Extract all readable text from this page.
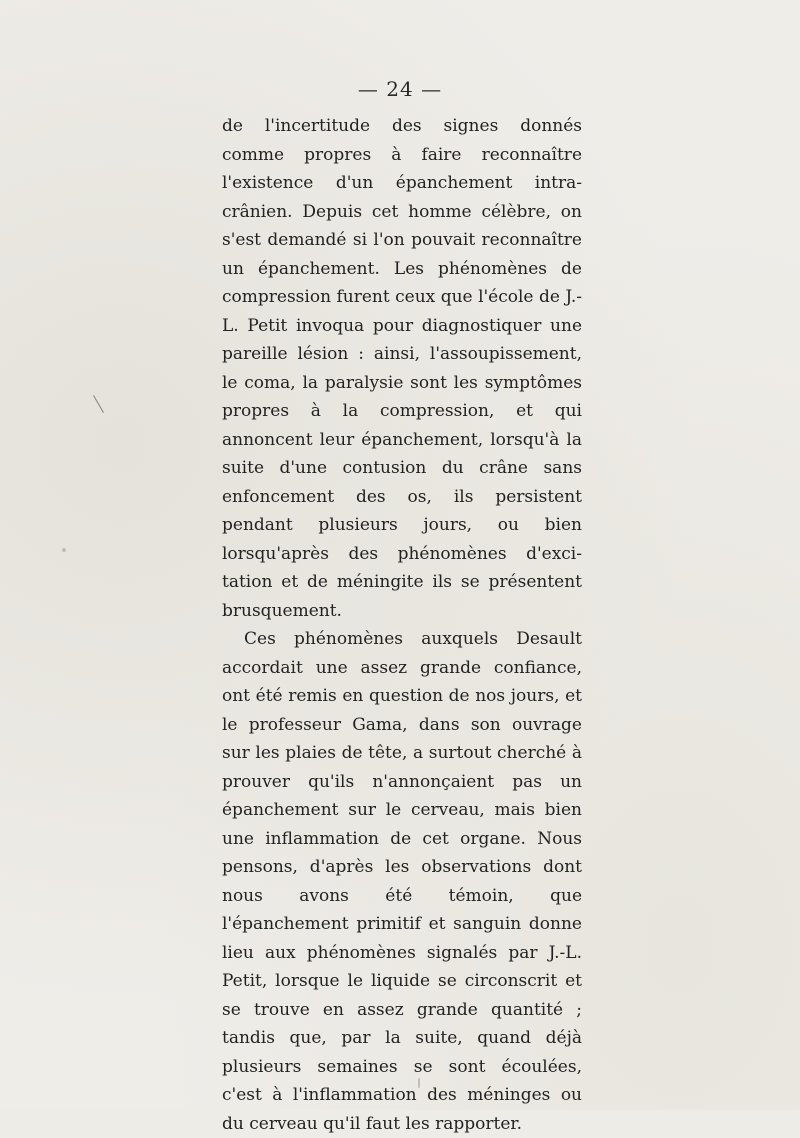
— 24 —

de l'incertitude des signes donnés comme propres à faire reconnaître l'existence d'un épanchement intra-crânien. Depuis cet homme célèbre, on s'est demandé si l'on pouvait reconnaître un épanchement. Les phénomènes de compression furent ceux que l'école de J.-L. Petit invoqua pour diagnostiquer une pareille lésion : ainsi, l'assoupissement, le coma, la paralysie sont les symptômes propres à la compression, et qui annoncent leur épanchement, lorsqu'à la suite d'une contusion du crâne sans enfoncement des os, ils persistent pendant plusieurs jours, ou bien lorsqu'après des phénomènes d'excitation et de méningite ils se présentent brusquement.

Ces phénomènes auxquels Desault accordait une assez grande confiance, ont été remis en question de nos jours, et le professeur Gama, dans son ouvrage sur les plaies de tête, a surtout cherché à prouver qu'ils n'annonçaient pas un épanchement sur le cerveau, mais bien une inflammation de cet organe. Nous pensons, d'après les observations dont nous avons été témoin, que l'épanchement primitif et sanguin donne lieu aux phénomènes signalés par J.-L. Petit, lorsque le liquide se circonscrit et se trouve en assez grande quantité ; tandis que, par la suite, quand déjà plusieurs semaines se sont écoulées, c'est à l'inflammation des méninges ou du cerveau qu'il faut les rapporter.
